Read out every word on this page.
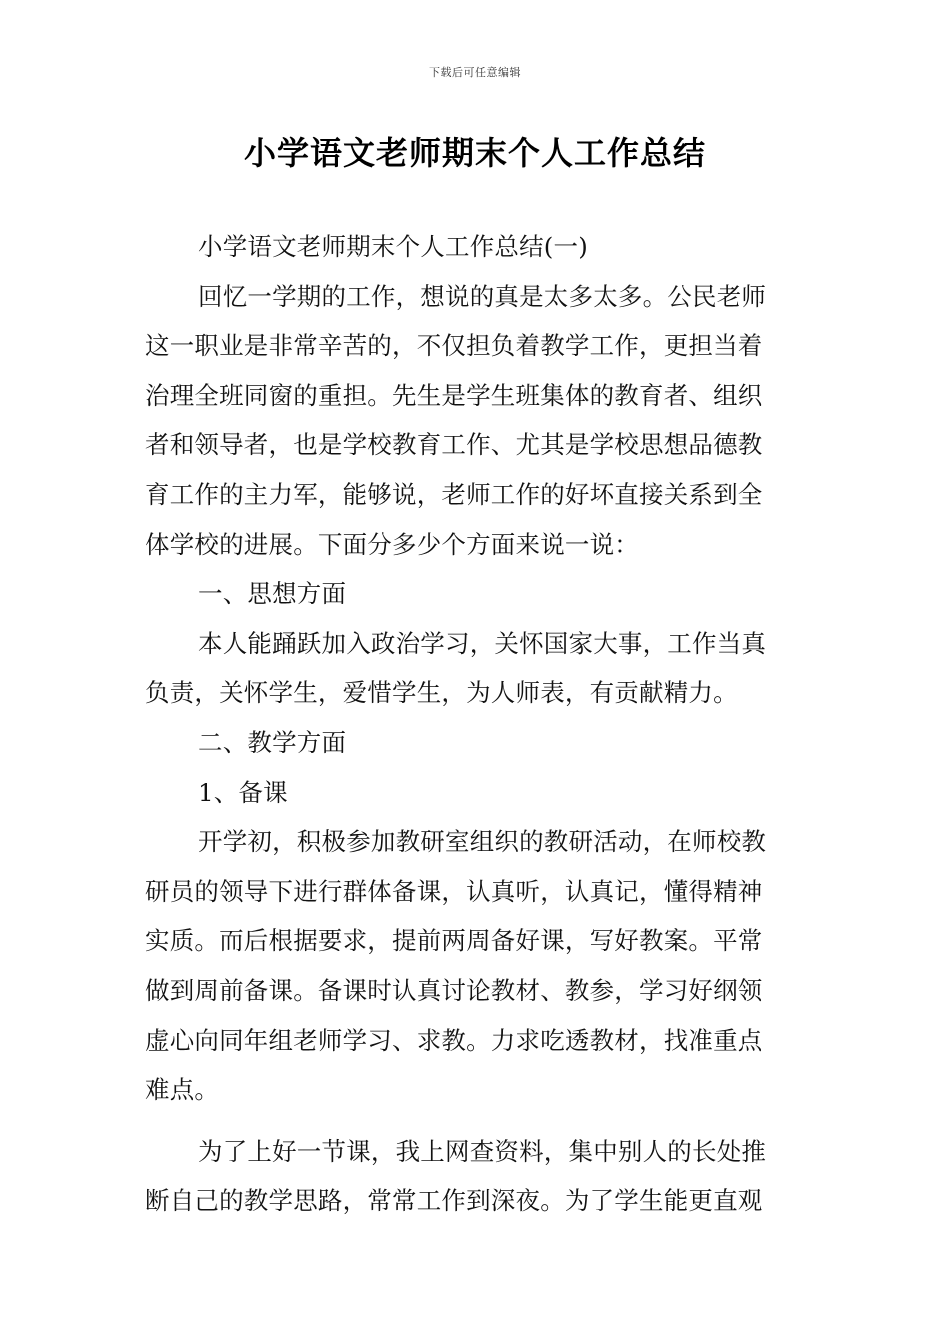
下载后可任意编辑
小学语文老师期末个人工作总结
小学语文老师期末个人工作总结(一)
回忆一学期的工作，想说的真是太多太多。公民老师
这一职业是非常辛苦的，不仅担负着教学工作，更担当着
治理全班同窗的重担。先生是学生班集体的教育者、组织
者和领导者，也是学校教育工作、尤其是学校思想品德教
育工作的主力军，能够说，老师工作的好坏直接关系到全
体学校的进展。下面分多少个方面来说一说：
一、思想方面
本人能踊跃加入政治学习，关怀国家大事，工作当真
负责，关怀学生，爱惜学生，为人师表，有贡献精力。
二、教学方面
1、备课
开学初，积极参加教研室组织的教研活动，在师校教
研员的领导下进行群体备课，认真听，认真记，懂得精神
实质。而后根据要求，提前两周备好课，写好教案。平常
做到周前备课。备课时认真讨论教材、教参，学习好纲领
虚心向同年组老师学习、求教。力求吃透教材，找准重点
难点。
为了上好一节课，我上网查资料，集中别人的长处推
断自己的教学思路，常常工作到深夜。为了学生能更直观
